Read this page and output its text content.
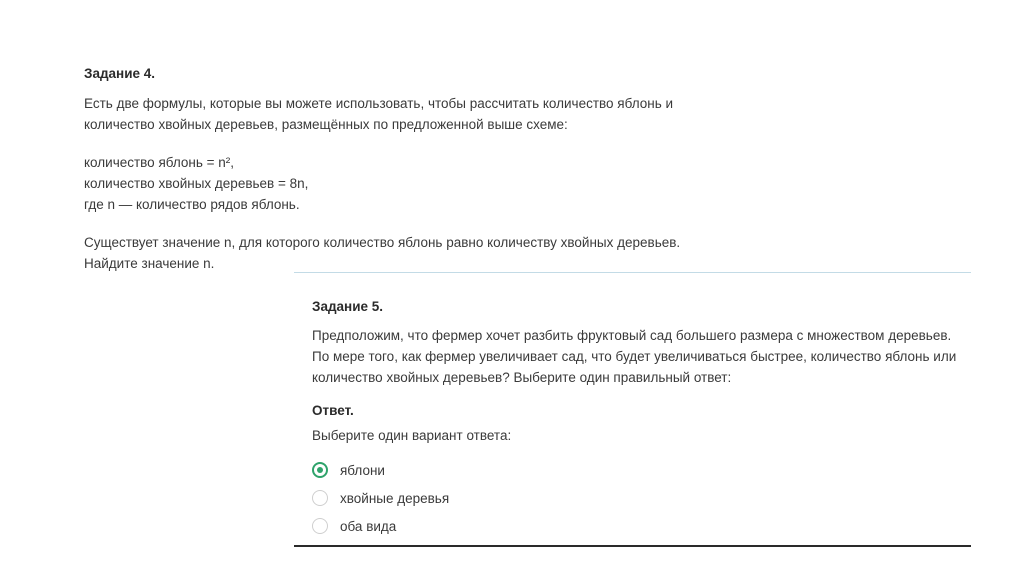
Задание 4.
Есть две формулы, которые вы можете использовать, чтобы рассчитать количество яблонь и
количество хвойных деревьев, размещённых по предложенной выше схеме:
количество яблонь = n²,
количество хвойных деревьев = 8n,
где n — количество рядов яблонь.
Существует значение n, для которого количество яблонь равно количеству хвойных деревьев.
Найдите значение n.
Задание 5.
Предположим, что фермер хочет разбить фруктовый сад большего размера с множеством деревьев.
По мере того, как фермер увеличивает сад, что будет увеличиваться быстрее, количество яблонь или
количество хвойных деревьев? Выберите один правильный ответ:
Ответ.
Выберите один вариант ответа:
яблони
хвойные деревья
оба вида
